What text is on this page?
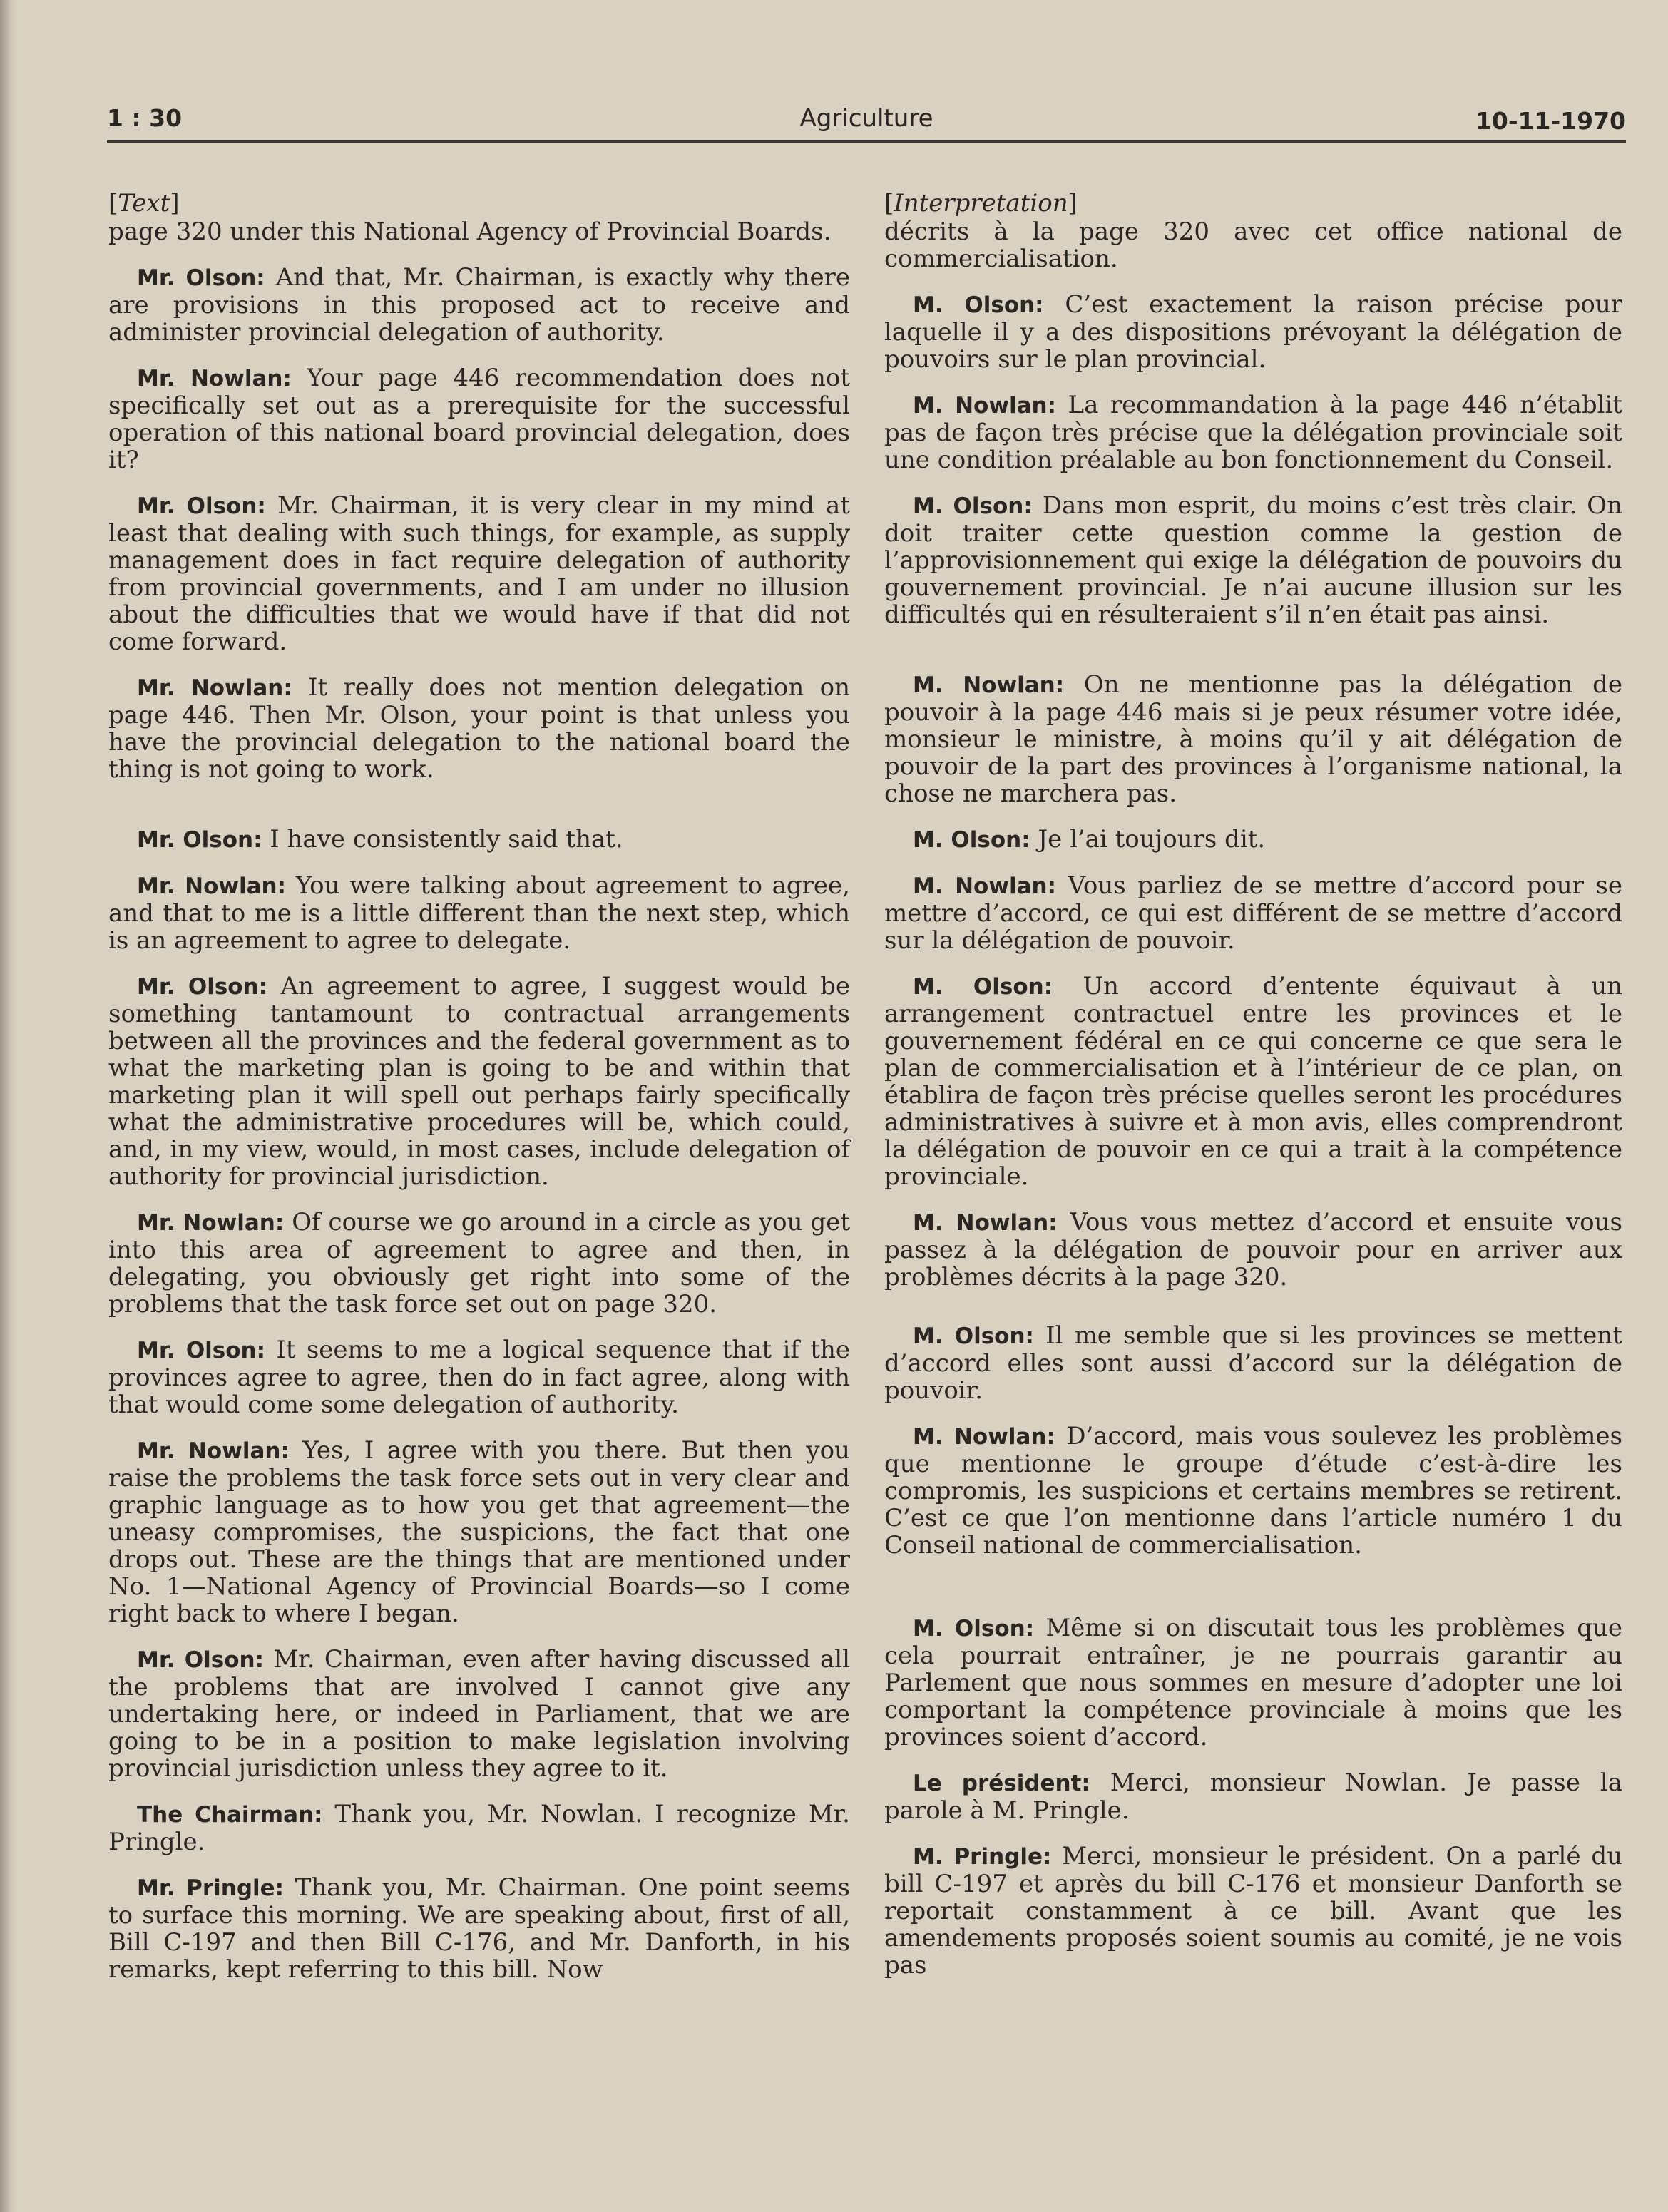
1 : 30	Agriculture	10-11-1970
[Text]

page 320 under this National Agency of Provincial Boards.

Mr. Olson: And that, Mr. Chairman, is exactly why there are provisions in this proposed act to receive and administer provincial delegation of authority.

Mr. Nowlan: Your page 446 recommendation does not specifically set out as a prerequisite for the successful operation of this national board provincial delegation, does it?

Mr. Olson: Mr. Chairman, it is very clear in my mind at least that dealing with such things, for example, as supply management does in fact require delegation of authority from provincial governments, and I am under no illusion about the difficulties that we would have if that did not come forward.

Mr. Nowlan: It really does not mention delegation on page 446. Then Mr. Olson, your point is that unless you have the provincial delegation to the national board the thing is not going to work.

Mr. Olson: I have consistently said that.

Mr. Nowlan: You were talking about agreement to agree, and that to me is a little different than the next step, which is an agreement to agree to delegate.

Mr. Olson: An agreement to agree, I suggest would be something tantamount to contractual arrangements between all the provinces and the federal government as to what the marketing plan is going to be and within that marketing plan it will spell out perhaps fairly specifically what the administrative procedures will be, which could, and, in my view, would, in most cases, include delegation of authority for provincial jurisdiction.

Mr. Nowlan: Of course we go around in a circle as you get into this area of agreement to agree and then, in delegating, you obviously get right into some of the problems that the task force set out on page 320.

Mr. Olson: It seems to me a logical sequence that if the provinces agree to agree, then do in fact agree, along with that would come some delegation of authority.

Mr. Nowlan: Yes, I agree with you there. But then you raise the problems the task force sets out in very clear and graphic language as to how you get that agreement—the uneasy compromises, the suspicions, the fact that one drops out. These are the things that are mentioned under No. 1—National Agency of Provincial Boards—so I come right back to where I began.

Mr. Olson: Mr. Chairman, even after having discussed all the problems that are involved I cannot give any undertaking here, or indeed in Parliament, that we are going to be in a position to make legislation involving provincial jurisdiction unless they agree to it.

The Chairman: Thank you, Mr. Nowlan. I recognize Mr. Pringle.

Mr. Pringle: Thank you, Mr. Chairman. One point seems to surface this morning. We are speaking about, first of all, Bill C-197 and then Bill C-176, and Mr. Danforth, in his remarks, kept referring to this bill. Now

[Interpretation]

décrits à la page 320 avec cet office national de commercialisation.

M. Olson: C’est exactement la raison précise pour laquelle il y a des dispositions prévoyant la délégation de pouvoirs sur le plan provincial.

M. Nowlan: La recommandation à la page 446 n’établit pas de façon très précise que la délégation provinciale soit une condition préalable au bon fonctionnement du Conseil.

M. Olson: Dans mon esprit, du moins c’est très clair. On doit traiter cette question comme la gestion de l’approvisionnement qui exige la délégation de pouvoirs du gouvernement provincial. Je n’ai aucune illusion sur les difficultés qui en résulteraient s’il n’en était pas ainsi.

M. Nowlan: On ne mentionne pas la délégation de pouvoir à la page 446 mais si je peux résumer votre idée, monsieur le ministre, à moins qu’il y ait délégation de pouvoir de la part des provinces à l’organisme national, la chose ne marchera pas.

M. Olson: Je l’ai toujours dit.

M. Nowlan: Vous parliez de se mettre d’accord pour se mettre d’accord, ce qui est différent de se mettre d’accord sur la délégation de pouvoir.

M. Olson: Un accord d’entente équivaut à un arrangement contractuel entre les provinces et le gouvernement fédéral en ce qui concerne ce que sera le plan de commercialisation et à l’intérieur de ce plan, on établira de façon très précise quelles seront les procédures administratives à suivre et à mon avis, elles comprendront la délégation de pouvoir en ce qui a trait à la compétence provinciale.

M. Nowlan: Vous vous mettez d’accord et ensuite vous passez à la délégation de pouvoir pour en arriver aux problèmes décrits à la page 320.

M. Olson: Il me semble que si les provinces se mettent d’accord elles sont aussi d’accord sur la délégation de pouvoir.

M. Nowlan: D’accord, mais vous soulevez les problèmes que mentionne le groupe d’étude c’est-à-dire les compromis, les suspicions et certains membres se retirent. C’est ce que l’on mentionne dans l’article numéro 1 du Conseil national de commercialisation.

M. Olson: Même si on discutait tous les problèmes que cela pourrait entraîner, je ne pourrais garantir au Parlement que nous sommes en mesure d’adopter une loi comportant la compétence provinciale à moins que les provinces soient d’accord.

Le président: Merci, monsieur Nowlan. Je passe la parole à M. Pringle.

M. Pringle: Merci, monsieur le président. On a parlé du bill C-197 et après du bill C-176 et monsieur Danforth se reportait constamment à ce bill. Avant que les amendements proposés soient soumis au comité, je ne vois pas
